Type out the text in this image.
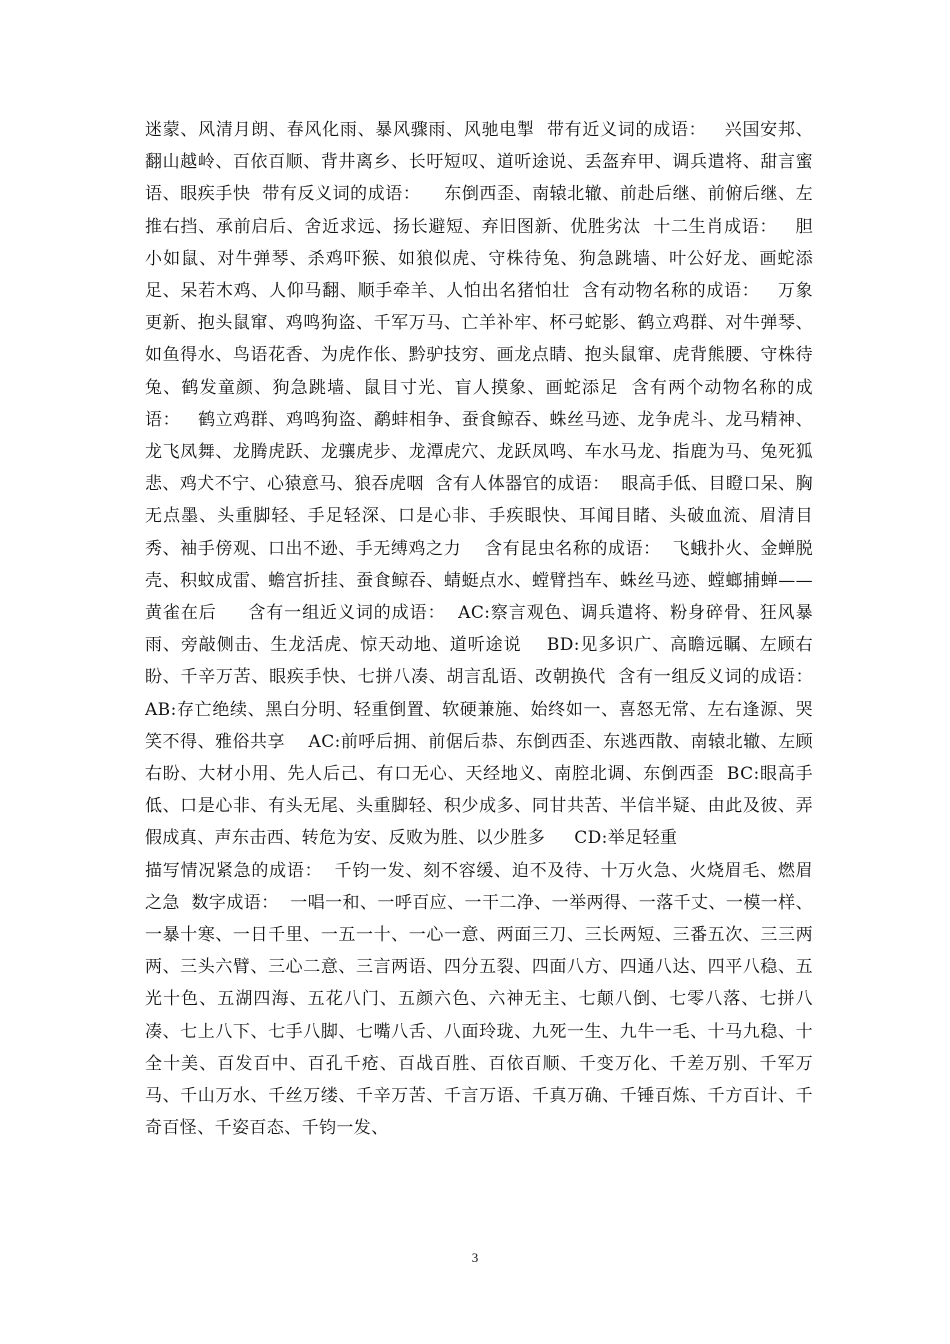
迷蒙、风清月朗、春风化雨、暴风骤雨、风驰电掣  带有近义词的成语：   兴国安邦、翻山越岭、百依百顺、背井离乡、长吁短叹、道听途说、丢盔弃甲、调兵遣将、甜言蜜语、眼疾手快  带有反义词的成语：    东倒西歪、南辕北辙、前赴后继、前俯后继、左推右挡、承前启后、舍近求远、扬长避短、弃旧图新、优胜劣汰  十二生肖成语：   胆小如鼠、对牛弹琴、杀鸡吓猴、如狼似虎、守株待兔、狗急跳墙、叶公好龙、画蛇添足、呆若木鸡、人仰马翻、顺手牵羊、人怕出名猪怕壮  含有动物名称的成语：   万象更新、抱头鼠窜、鸡鸣狗盗、千军万马、亡羊补牢、杯弓蛇影、鹤立鸡群、对牛弹琴、如鱼得水、鸟语花香、为虎作伥、黔驴技穷、画龙点睛、抱头鼠窜、虎背熊腰、守株待兔、鹤发童颜、狗急跳墙、鼠目寸光、盲人摸象、画蛇添足  含有两个动物名称的成语：   鹤立鸡群、鸡鸣狗盗、鹬蚌相争、蚕食鲸吞、蛛丝马迹、龙争虎斗、龙马精神、龙飞凤舞、龙腾虎跃、龙骧虎步、龙潭虎穴、龙跃凤鸣、车水马龙、指鹿为马、兔死狐悲、鸡犬不宁、心猿意马、狼吞虎咽  含有人体器官的成语：  眼高手低、目瞪口呆、胸无点墨、头重脚轻、手足轻深、口是心非、手疾眼快、耳闻目睹、头破血流、眉清目秀、袖手傍观、口出不逊、手无缚鸡之力    含有昆虫名称的成语：  飞蛾扑火、金蝉脱壳、积蚊成雷、蟾宫折挂、蚕食鲸吞、蜻蜓点水、螳臂挡车、蛛丝马迹、螳螂捕蝉——黄雀在后     含有一组近义词的成语：  AC:察言观色、调兵遣将、粉身碎骨、狂风暴雨、旁敲侧击、生龙活虎、惊天动地、道听途说    BD:见多识广、高瞻远瞩、左顾右盼、千辛万苦、眼疾手快、七拼八凑、胡言乱语、改朝换代  含有一组反义词的成语：  AB:存亡绝续、黑白分明、轻重倒置、软硬兼施、始终如一、喜怒无常、左右逢源、哭笑不得、雅俗共享    AC:前呼后拥、前倨后恭、东倒西歪、东逃西散、南辕北辙、左顾右盼、大材小用、先人后己、有口无心、天经地义、南腔北调、东倒西歪  BC:眼高手低、口是心非、有头无尾、头重脚轻、积少成多、同甘共苦、半信半疑、由此及彼、弄假成真、声东击西、转危为安、反败为胜、以少胜多     CD:举足轻重

描写情况紧急的成语：  千钧一发、刻不容缓、迫不及待、十万火急、火烧眉毛、燃眉之急  数字成语：  一唱一和、一呼百应、一干二净、一举两得、一落千丈、一模一样、一暴十寒、一日千里、一五一十、一心一意、两面三刀、三长两短、三番五次、三三两两、三头六臂、三心二意、三言两语、四分五裂、四面八方、四通八达、四平八稳、五光十色、五湖四海、五花八门、五颜六色、六神无主、七颠八倒、七零八落、七拼八凑、七上八下、七手八脚、七嘴八舌、八面玲珑、九死一生、九牛一毛、十马九稳、十全十美、百发百中、百孔千疮、百战百胜、百依百顺、千变万化、千差万别、千军万马、千山万水、千丝万缕、千辛万苦、千言万语、千真万确、千锤百炼、千方百计、千奇百怪、千姿百态、千钧一发、

3
